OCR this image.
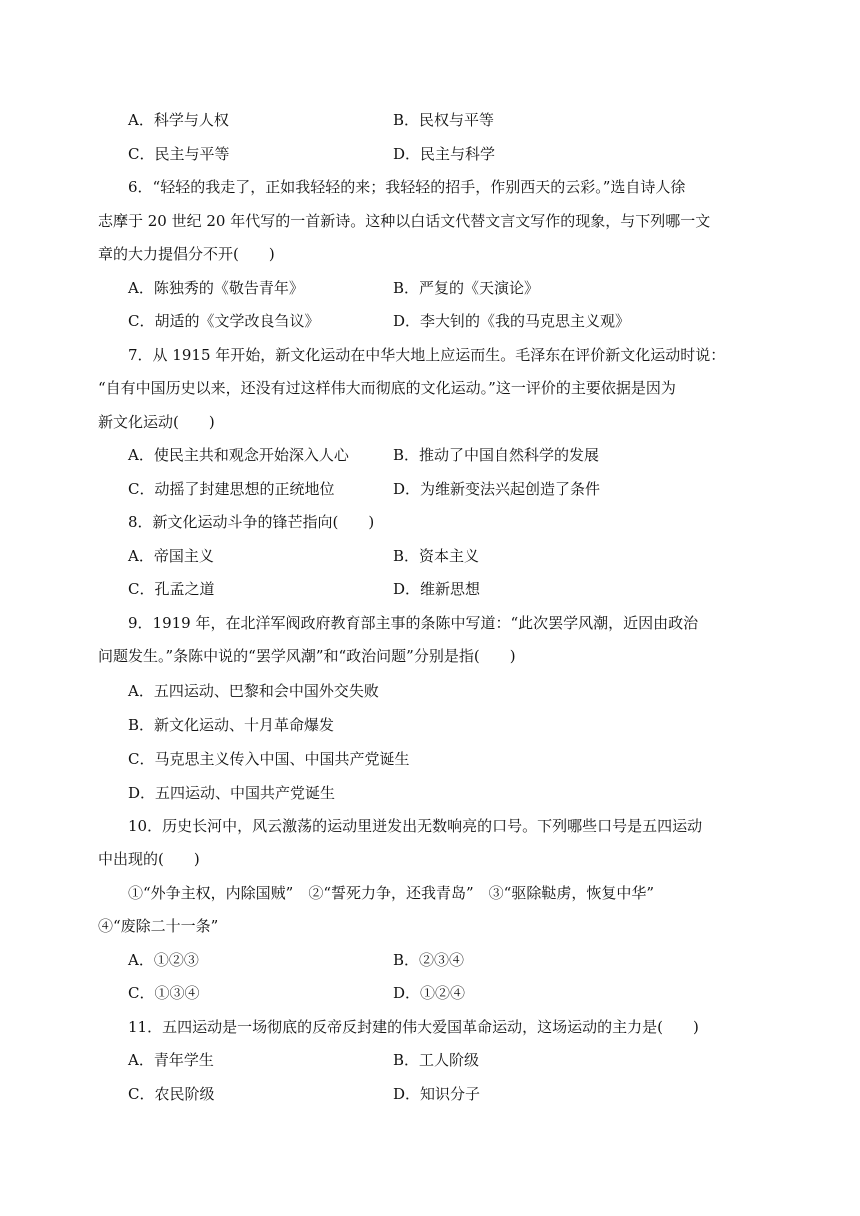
A．科学与人权	B．民权与平等
C．民主与平等	D．民主与科学
6．“轻轻的我走了，正如我轻轻的来；我轻轻的招手，作别西天的云彩。”选自诗人徐
志摩于 20 世纪 20 年代写的一首新诗。这种以白话文代替文言文写作的现象，与下列哪一文
章的大力提倡分不开(　　)
A．陈独秀的《敬告青年》	B．严复的《天演论》
C．胡适的《文学改良刍议》	D．李大钊的《我的马克思主义观》
7．从 1915 年开始，新文化运动在中华大地上应运而生。毛泽东在评价新文化运动时说：
“自有中国历史以来，还没有过这样伟大而彻底的文化运动。”这一评价的主要依据是因为
新文化运动(　　)
A．使民主共和观念开始深入人心	B．推动了中国自然科学的发展
C．动摇了封建思想的正统地位	D．为维新变法兴起创造了条件
8．新文化运动斗争的锋芒指向(　　)
A．帝国主义	B．资本主义
C．孔孟之道	D．维新思想
9．1919 年，在北洋军阀政府教育部主事的条陈中写道：“此次罢学风潮，近因由政治
问题发生。”条陈中说的“罢学风潮”和“政治问题”分别是指(　　)
A．五四运动、巴黎和会中国外交失败
B．新文化运动、十月革命爆发
C．马克思主义传入中国、中国共产党诞生
D．五四运动、中国共产党诞生
10．历史长河中，风云激荡的运动里迸发出无数响亮的口号。下列哪些口号是五四运动
中出现的(　　)
①“外争主权，内除国贼”　②“誓死力争，还我青岛”　③“驱除鞑虏，恢复中华”
④“废除二十一条”
A．①②③	B．②③④
C．①③④	D．①②④
11．五四运动是一场彻底的反帝反封建的伟大爱国革命运动，这场运动的主力是(　　)
A．青年学生	B．工人阶级
C．农民阶级	D．知识分子
